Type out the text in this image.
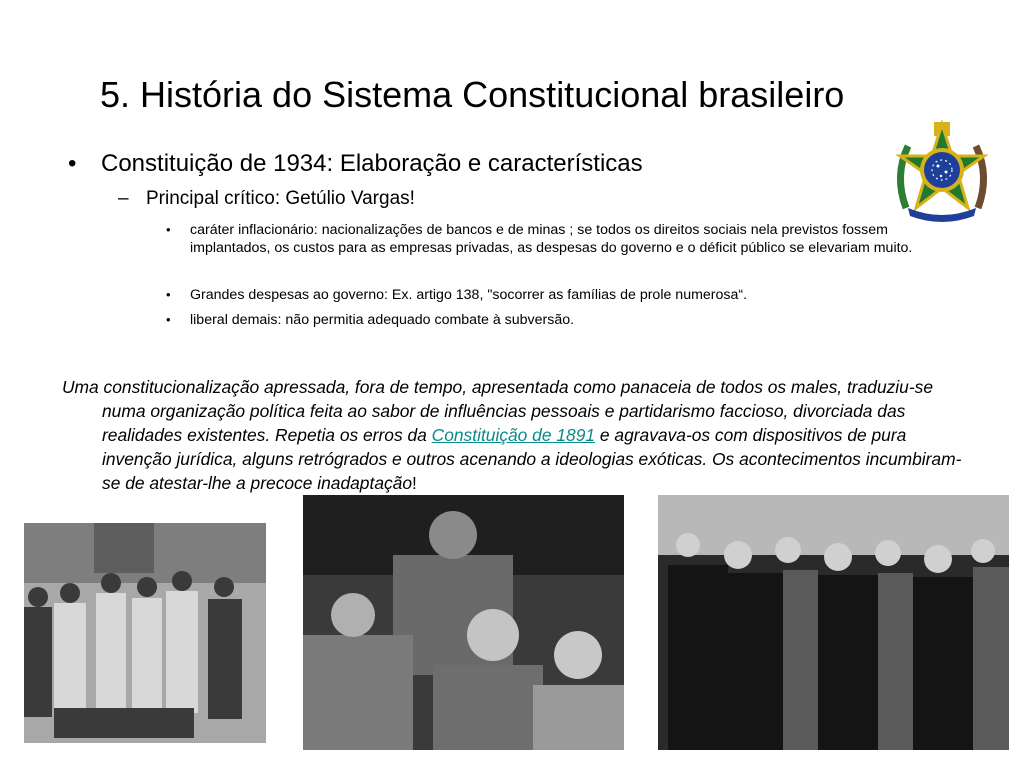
5. História do Sistema Constitucional brasileiro
• Constituição de 1934: Elaboração e características
– Principal crítico: Getúlio Vargas!
• caráter inflacionário: nacionalizações de bancos e de minas ; se todos os direitos sociais nela previstos fossem implantados, os custos para as empresas privadas, as despesas do governo e o déficit público se elevariam muito.
• Grandes despesas ao governo: Ex. artigo 138, "socorrer as famílias de prole numerosa“.
• liberal demais: não permitia adequado combate à subversão.

Uma constitucionalização apressada, fora de tempo, apresentada como panaceia de todos os males, traduziu-se numa organização política feita ao sabor de influências pessoais e partidarismo faccioso, divorciada das realidades existentes. Repetia os erros da Constituição de 1891 e agravava-os com dispositivos de pura invenção jurídica, alguns retrógrados e outros acenando a ideologias exóticas. Os acontecimentos incumbiram-se de atestar-lhe a precoce inadaptação!
